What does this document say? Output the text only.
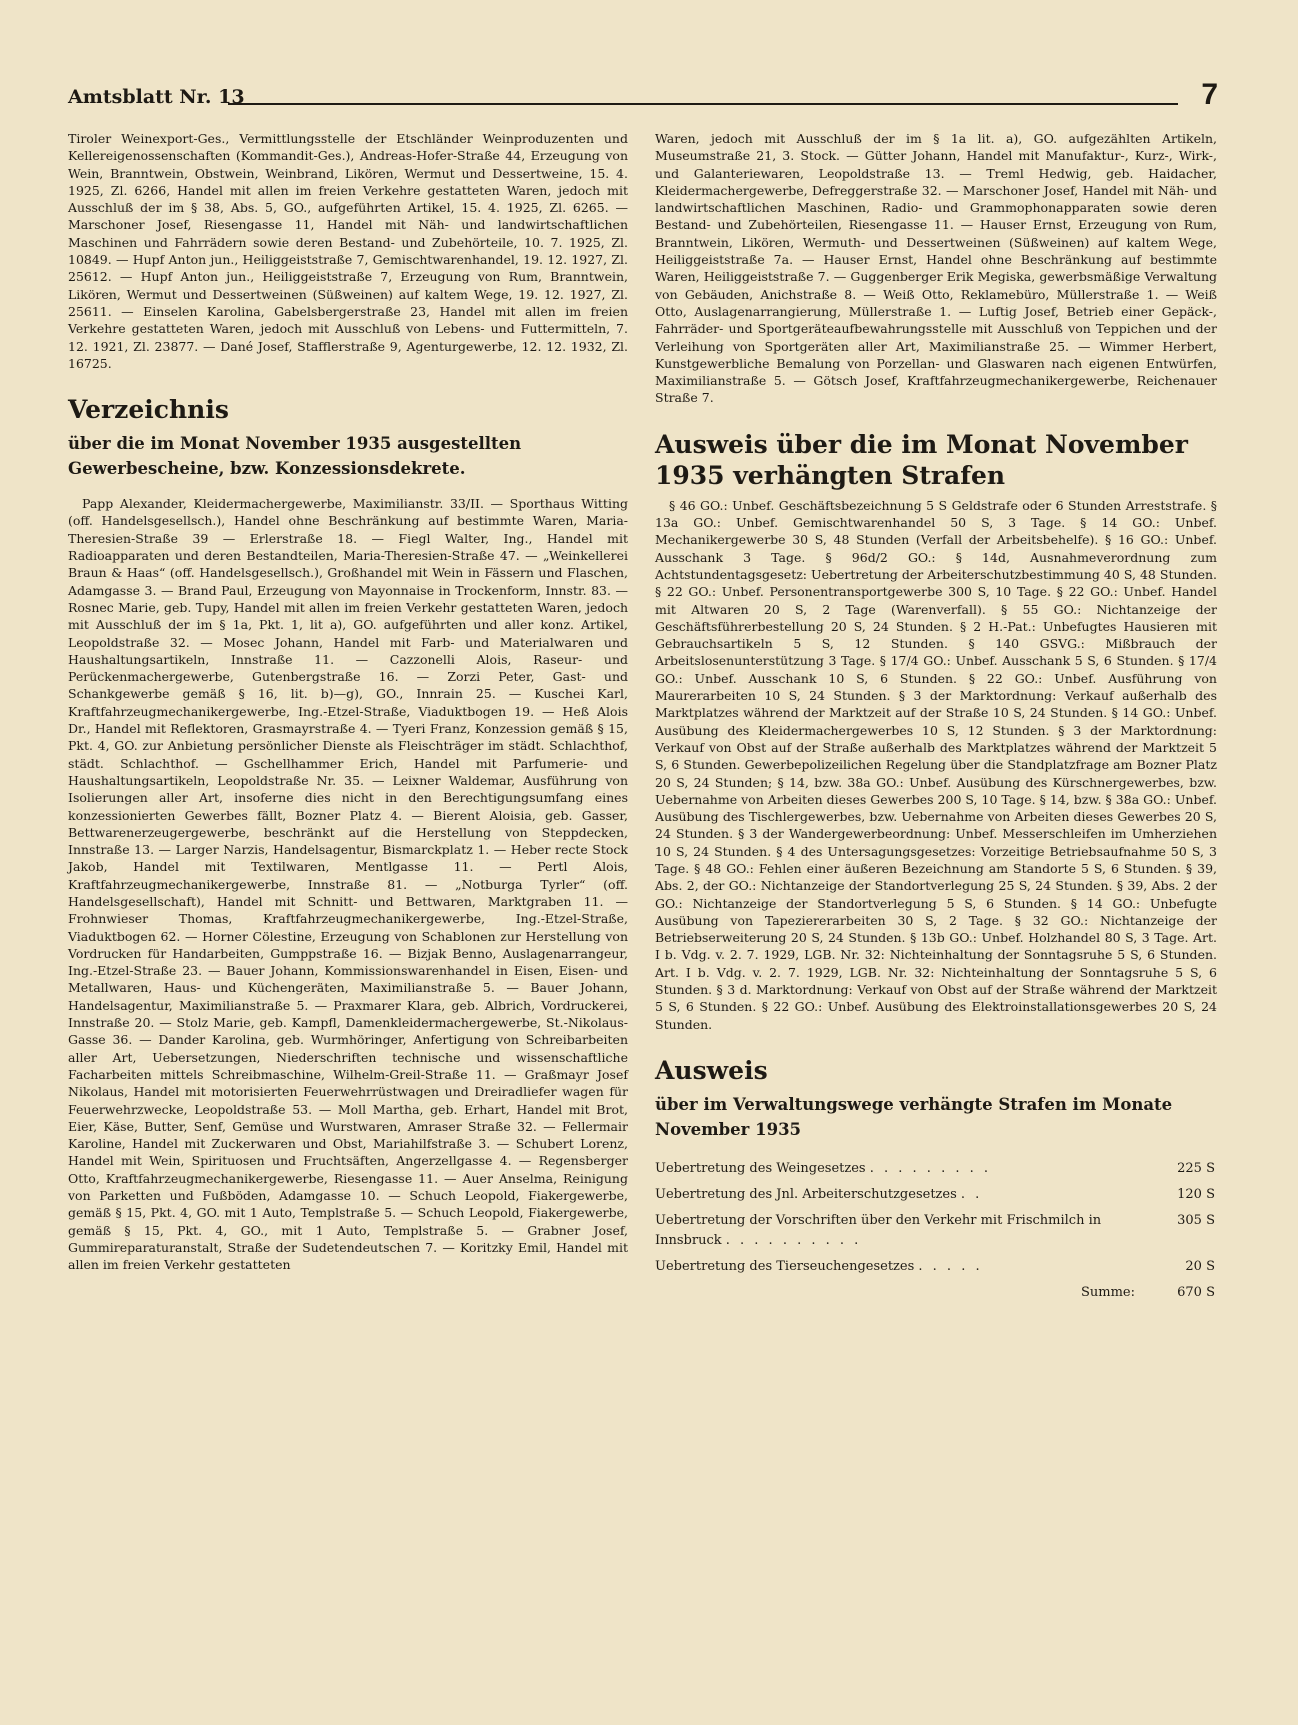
Amtsblatt Nr. 13	7

Tiroler Weinexport-Ges., Vermittlungsstelle der Etschländer Weinproduzenten und Kellereigenossenschaften (Kommandit-Ges.), Andreas-Hofer-Straße 44, Erzeugung von Wein, Branntwein, Obstwein, Weinbrand, Likören, Wermut und Dessertweine, 15. 4. 1925, Zl. 6266, Handel mit allen im freien Verkehre gestatteten Waren, jedoch mit Ausschluß der im § 38, Abs. 5, GO., aufgeführten Artikel, 15. 4. 1925, Zl. 6265. — Marschoner Josef, Riesengasse 11, Handel mit Näh- und landwirtschaftlichen Maschinen und Fahrrädern sowie deren Bestand- und Zubehörteile, 10. 7. 1925, Zl. 10849. — Hupf Anton jun., Heiliggeiststraße 7, Gemischtwarenhandel, 19. 12. 1927, Zl. 25612. — Hupf Anton jun., Heiliggeiststraße 7, Erzeugung von Rum, Branntwein, Likören, Wermut und Dessertweinen (Süßweinen) auf kaltem Wege, 19. 12. 1927, Zl. 25611. — Einselen Karolina, Gabelsbergerstraße 23, Handel mit allen im freien Verkehre gestatteten Waren, jedoch mit Ausschluß von Lebens- und Futtermitteln, 7. 12. 1921, Zl. 23877. — Dané Josef, Stafflerstraße 9, Agenturgewerbe, 12. 12. 1932, Zl. 16725.

Verzeichnis
über die im Monat November 1935 ausgestellten Gewerbescheine, bzw. Konzessionsdekrete.

Papp Alexander, Kleidermachergewerbe, Maximilianstr. 33/II. — Sporthaus Witting (off. Handelsgesellsch.), Handel ohne Beschränkung auf bestimmte Waren, Maria-Theresien-Straße 39 — Erlerstraße 18. — Fiegl Walter, Ing., Handel mit Radioapparaten und deren Bestandteilen, Maria-Theresien-Straße 47. — „Weinkellerei Braun & Haas“ (off. Handelsgesellsch.), Großhandel mit Wein in Fässern und Flaschen, Adamgasse 3. — Brand Paul, Erzeugung von Mayonnaise in Trockenform, Innstr. 83. — Rosnec Marie, geb. Tupy, Handel mit allen im freien Verkehr gestatteten Waren, jedoch mit Ausschluß der im § 1a, Pkt. 1, lit a), GO. aufgeführten und aller konz. Artikel, Leopoldstraße 32. — Mosec Johann, Handel mit Farb- und Materialwaren und Haushaltungsartikeln, Innstraße 11. — Cazzonelli Alois, Raseur- und Perückenmachergewerbe, Gutenbergstraße 16. — Zorzi Peter, Gast- und Schankgewerbe gemäß § 16, lit. b)—g), GO., Innrain 25. — Kuschei Karl, Kraftfahrzeugmechanikergewerbe, Ing.-Etzel-Straße, Viaduktbogen 19. — Heß Alois Dr., Handel mit Reflektoren, Grasmayrstraße 4. — Tyeri Franz, Konzession gemäß § 15, Pkt. 4, GO. zur Anbietung persönlicher Dienste als Fleischträger im städt. Schlachthof, städt. Schlachthof. — Gschellhammer Erich, Handel mit Parfumerie- und Haushaltungsartikeln, Leopoldstraße Nr. 35. — Leixner Waldemar, Ausführung von Isolierungen aller Art, insoferne dies nicht in den Berechtigungsumfang eines konzessionierten Gewerbes fällt, Bozner Platz 4. — Bierent Aloisia, geb. Gasser, Bettwarenerzeugergewerbe, beschränkt auf die Herstellung von Steppdecken, Innstraße 13. — Larger Narzis, Handelsagentur, Bismarckplatz 1. — Heber recte Stock Jakob, Handel mit Textilwaren, Mentlgasse 11. — Pertl Alois, Kraftfahrzeugmechanikergewerbe, Innstraße 81. — „Notburga Tyrler“ (off. Handelsgesellschaft), Handel mit Schnitt- und Bettwaren, Marktgraben 11. — Frohnwieser Thomas, Kraftfahrzeugmechanikergewerbe, Ing.-Etzel-Straße, Viaduktbogen 62. — Horner Cölestine, Erzeugung von Schablonen zur Herstellung von Vordrucken für Handarbeiten, Gumppstraße 16. — Bizjak Benno, Auslagenarrangeur, Ing.-Etzel-Straße 23. — Bauer Johann, Kommissionswarenhandel in Eisen, Eisen- und Metallwaren, Haus- und Küchengeräten, Maximilianstraße 5. — Bauer Johann, Handelsagentur, Maximilianstraße 5. — Praxmarer Klara, geb. Albrich, Vordruckerei, Innstraße 20. — Stolz Marie, geb. Kampfl, Damenkleidermachergewerbe, St.-Nikolaus-Gasse 36. — Dander Karolina, geb. Wurmhöringer, Anfertigung von Schreibarbeiten aller Art, Uebersetzungen, Niederschriften technische und wissenschaftliche Facharbeiten mittels Schreibmaschine, Wilhelm-Greil-Straße 11. — Graßmayr Josef Nikolaus, Handel mit motorisierten Feuerwehrrüstwagen und Dreiradliefer wagen für Feuerwehrzwecke, Leopoldstraße 53. — Moll Martha, geb. Erhart, Handel mit Brot, Eier, Käse, Butter, Senf, Gemüse und Wurstwaren, Amraser Straße 32. — Fellermair Karoline, Handel mit Zuckerwaren und Obst, Mariahilfstraße 3. — Schubert Lorenz, Handel mit Wein, Spirituosen und Fruchtsäften, Angerzellgasse 4. — Regensberger Otto, Kraftfahrzeugmechanikergewerbe, Riesengasse 11. — Auer Anselma, Reinigung von Parketten und Fußböden, Adamgasse 10. — Schuch Leopold, Fiakergewerbe, gemäß § 15, Pkt. 4, GO. mit 1 Auto, Templstraße 5. — Schuch Leopold, Fiakergewerbe, gemäß § 15, Pkt. 4, GO., mit 1 Auto, Templstraße 5. — Grabner Josef, Gummireparaturanstalt, Straße der Sudetendeutschen 7. — Koritzky Emil, Handel mit allen im freien Verkehr gestatteten

Waren, jedoch mit Ausschluß der im § 1a lit. a), GO. aufgezählten Artikeln, Museumstraße 21, 3. Stock. — Gütter Johann, Handel mit Manufaktur-, Kurz-, Wirk-, und Galanteriewaren, Leopoldstraße 13. — Treml Hedwig, geb. Haidacher, Kleidermachergewerbe, Defreggerstraße 32. — Marschoner Josef, Handel mit Näh- und landwirtschaftlichen Maschinen, Radio- und Grammophonapparaten sowie deren Bestand- und Zubehörteilen, Riesengasse 11. — Hauser Ernst, Erzeugung von Rum, Branntwein, Likören, Wermuth- und Dessertweinen (Süßweinen) auf kaltem Wege, Heiliggeiststraße 7a. — Hauser Ernst, Handel ohne Beschränkung auf bestimmte Waren, Heiliggeiststraße 7. — Guggenberger Erik Megiska, gewerbsmäßige Verwaltung von Gebäuden, Anichstraße 8. — Weiß Otto, Reklamebüro, Müllerstraße 1. — Weiß Otto, Auslagenarrangierung, Müllerstraße 1. — Luftig Josef, Betrieb einer Gepäck-, Fahrräder- und Sportgeräteaufbewahrungsstelle mit Ausschluß von Teppichen und der Verleihung von Sportgeräten aller Art, Maximilianstraße 25. — Wimmer Herbert, Kunstgewerbliche Bemalung von Porzellan- und Glaswaren nach eigenen Entwürfen, Maximilianstraße 5. — Götsch Josef, Kraftfahrzeugmechanikergewerbe, Reichenauer Straße 7.

Ausweis über die im Monat November 1935 verhängten Strafen

§ 46 GO.: Unbef. Geschäftsbezeichnung 5 S Geldstrafe oder 6 Stunden Arreststrafe. § 13a GO.: Unbef. Gemischtwarenhandel 50 S, 3 Tage. § 14 GO.: Unbef. Mechanikergewerbe 30 S, 48 Stunden (Verfall der Arbeitsbehelfe). § 16 GO.: Unbef. Ausschank 3 Tage. § 96d/2 GO.: § 14d, Ausnahmeverordnung zum Achtstundentagsgesetz: Uebertretung der Arbeiterschutzbestimmung 40 S, 48 Stunden. § 22 GO.: Unbef. Personentransportgewerbe 300 S, 10 Tage. § 22 GO.: Unbef. Handel mit Altwaren 20 S, 2 Tage (Warenverfall). § 55 GO.: Nichtanzeige der Geschäftsführerbestellung 20 S, 24 Stunden. § 2 H.-Pat.: Unbefugtes Hausieren mit Gebrauchsartikeln 5 S, 12 Stunden. § 140 GSVG.: Mißbrauch der Arbeitslosenunterstützung 3 Tage. § 17/4 GO.: Unbef. Ausschank 5 S, 6 Stunden. § 17/4 GO.: Unbef. Ausschank 10 S, 6 Stunden. § 22 GO.: Unbef. Ausführung von Maurerarbeiten 10 S, 24 Stunden. § 3 der Marktordnung: Verkauf außerhalb des Marktplatzes während der Marktzeit auf der Straße 10 S, 24 Stunden. § 14 GO.: Unbef. Ausübung des Kleidermachergewerbes 10 S, 12 Stunden. § 3 der Marktordnung: Verkauf von Obst auf der Straße außerhalb des Marktplatzes während der Marktzeit 5 S, 6 Stunden. Gewerbepolizeilichen Regelung über die Standplatzfrage am Bozner Platz 20 S, 24 Stunden; § 14, bzw. 38a GO.: Unbef. Ausübung des Kürschnergewerbes, bzw. Uebernahme von Arbeiten dieses Gewerbes 200 S, 10 Tage. § 14, bzw. § 38a GO.: Unbef. Ausübung des Tischlergewerbes, bzw. Uebernahme von Arbeiten dieses Gewerbes 20 S, 24 Stunden. § 3 der Wandergewerbeordnung: Unbef. Messerschleifen im Umherziehen 10 S, 24 Stunden. § 4 des Untersagungsgesetzes: Vorzeitige Betriebsaufnahme 50 S, 3 Tage. § 48 GO.: Fehlen einer äußeren Bezeichnung am Standorte 5 S, 6 Stunden. § 39, Abs. 2, der GO.: Nichtanzeige der Standortverlegung 25 S, 24 Stunden. § 39, Abs. 2 der GO.: Nichtanzeige der Standortverlegung 5 S, 6 Stunden. § 14 GO.: Unbefugte Ausübung von Tapeziererarbeiten 30 S, 2 Tage. § 32 GO.: Nichtanzeige der Betriebserweiterung 20 S, 24 Stunden. § 13b GO.: Unbef. Holzhandel 80 S, 3 Tage. Art. I b. Vdg. v. 2. 7. 1929, LGB. Nr. 32: Nichteinhaltung der Sonntagsruhe 5 S, 6 Stunden. Art. I b. Vdg. v. 2. 7. 1929, LGB. Nr. 32: Nichteinhaltung der Sonntagsruhe 5 S, 6 Stunden. § 3 d. Marktordnung: Verkauf von Obst auf der Straße während der Marktzeit 5 S, 6 Stunden. § 22 GO.: Unbef. Ausübung des Elektroinstallationsgewerbes 20 S, 24 Stunden.

Ausweis
über im Verwaltungswege verhängte Strafen im Monate November 1935
Uebertretung des Weingesetzes . . . . . . . . .	225 S
Uebertretung des Jnl. Arbeiterschutzgesetzes . .	120 S
Uebertretung der Vorschriften über den Verkehr mit Frischmilch in Innsbruck . . . . . . . . . .	305 S
Uebertretung des Tierseuchengesetzes . . . . .	20 S
Summe:	670 S
